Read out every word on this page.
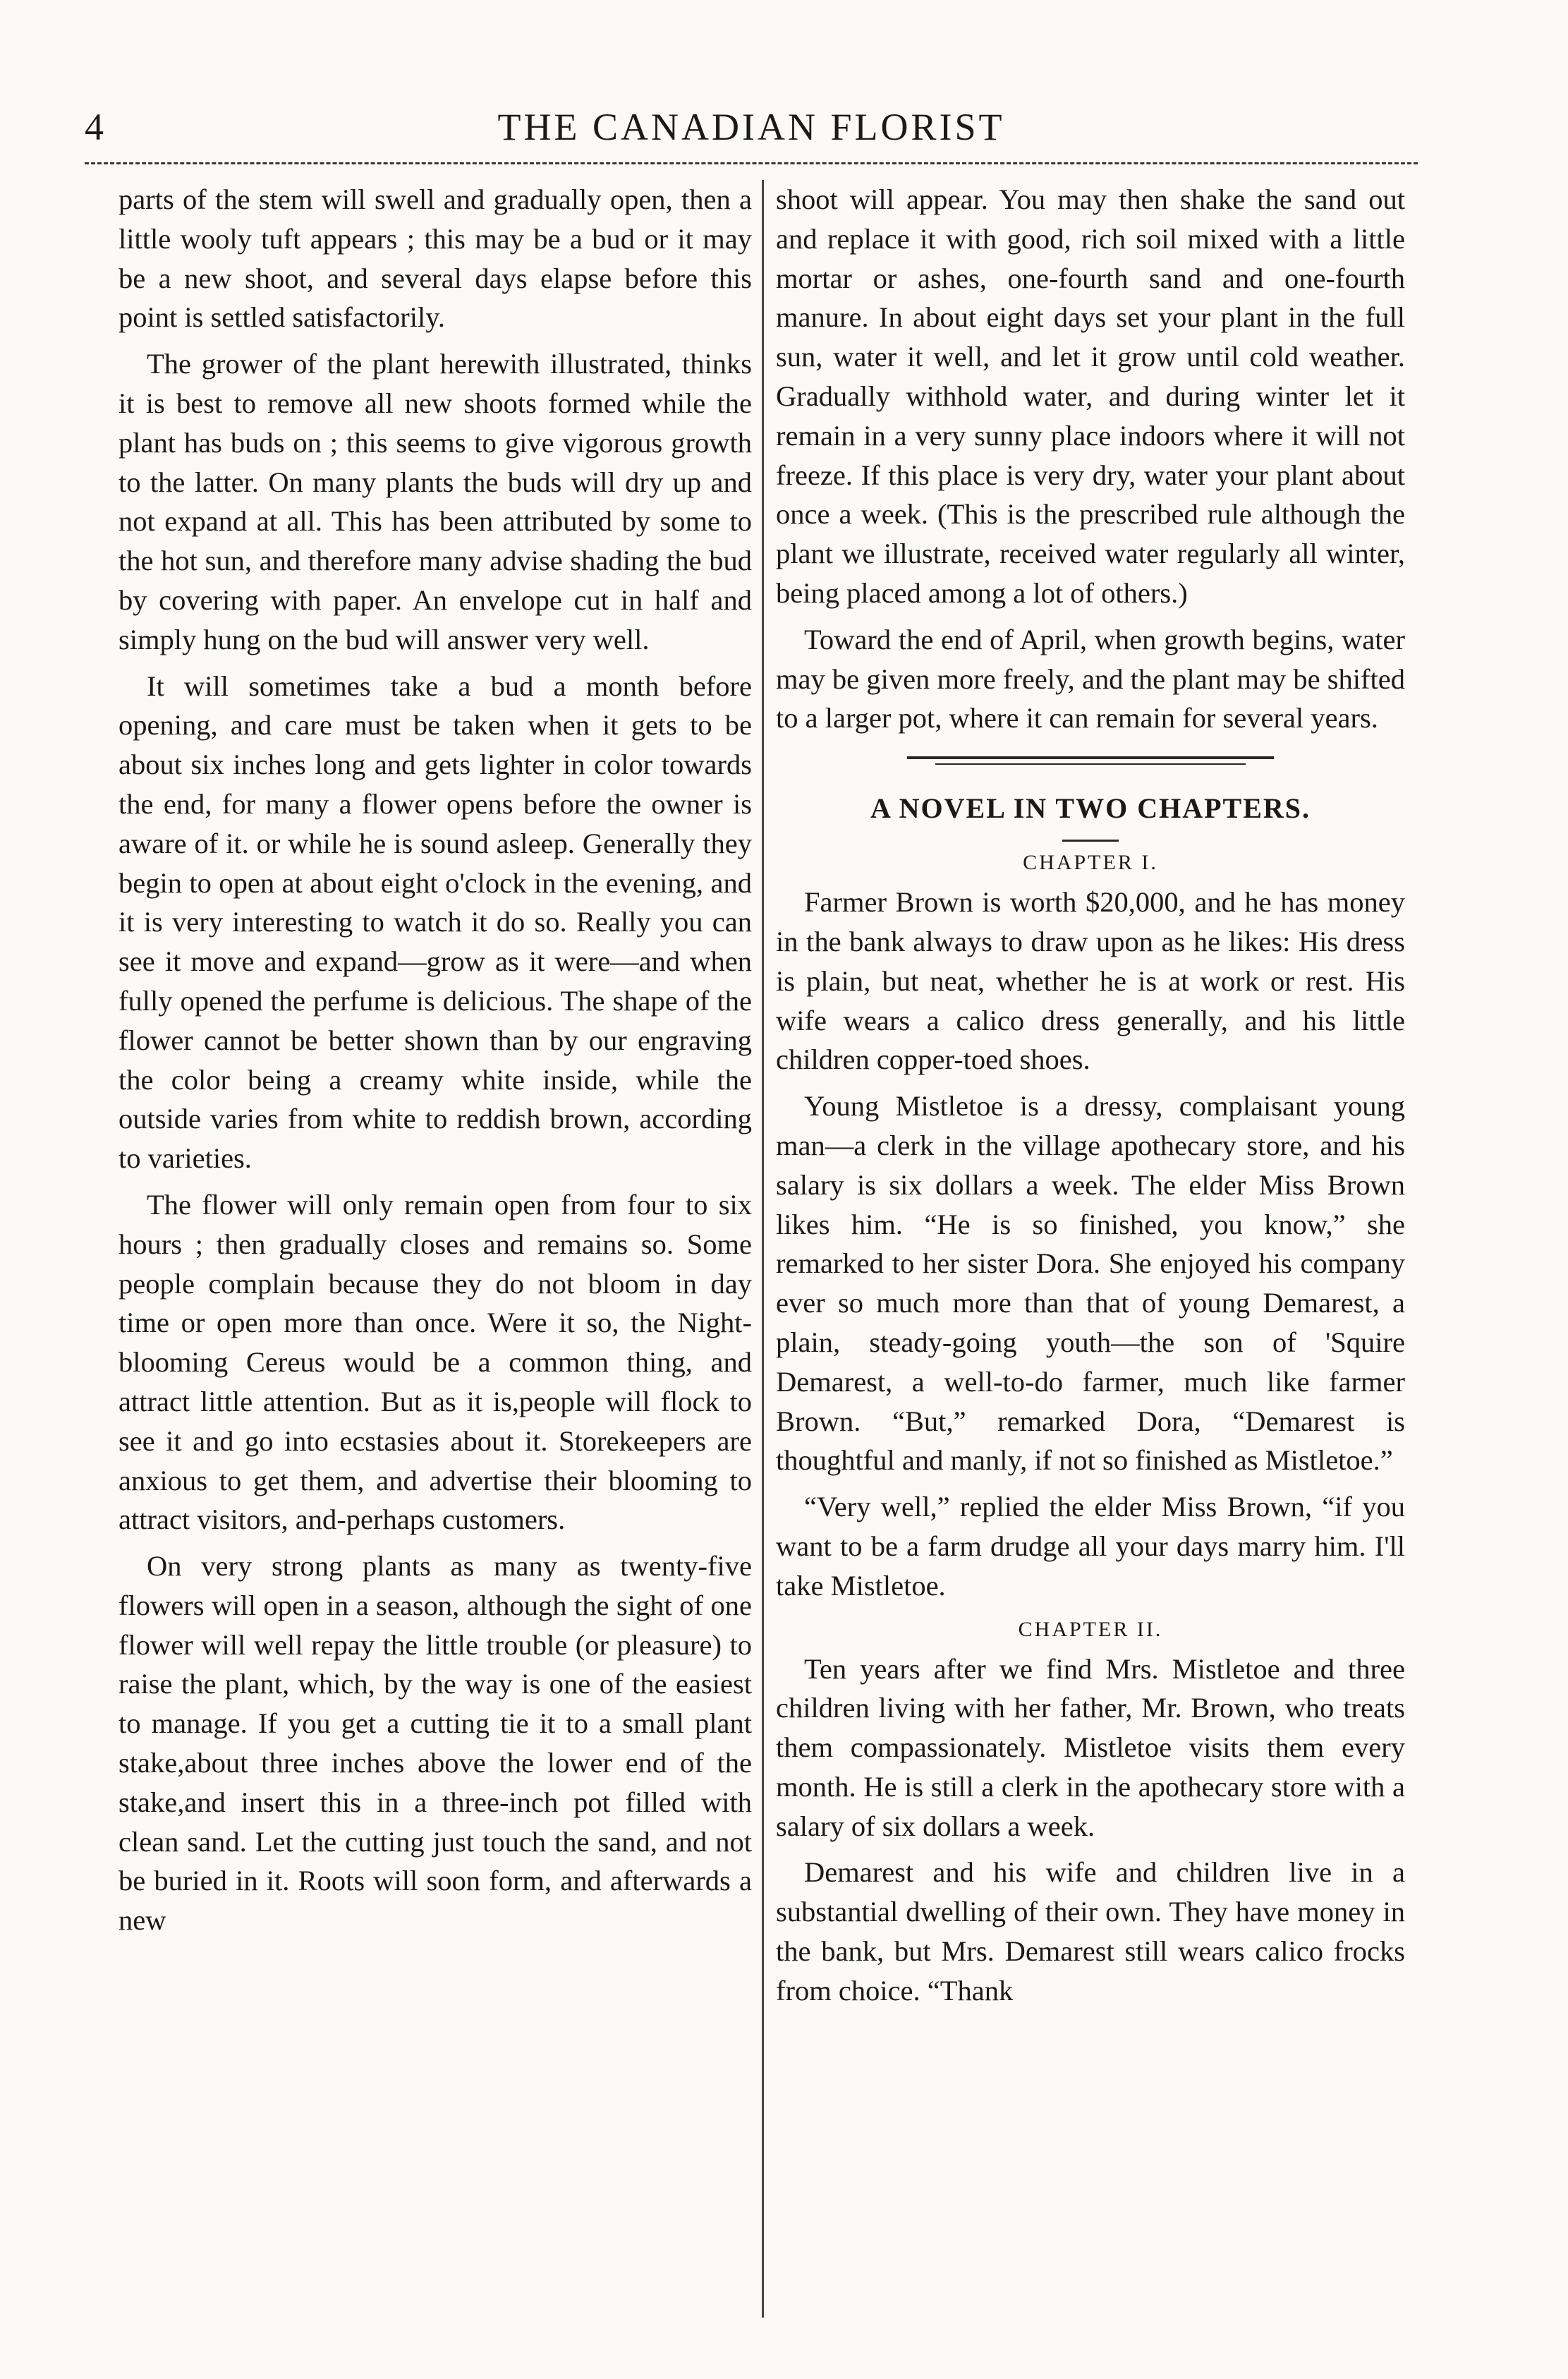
4	THE CANADIAN FLORIST

parts of the stem will swell and gradually open, then a little wooly tuft appears ; this may be a bud or it may be a new shoot, and several days elapse before this point is settled satisfactorily.

The grower of the plant herewith illustrated, thinks it is best to remove all new shoots formed while the plant has buds on ; this seems to give vigorous growth to the latter. On many plants the buds will dry up and not expand at all. This has been attributed by some to the hot sun, and therefore many advise shading the bud by covering with paper. An envelope cut in half and simply hung on the bud will answer very well.

It will sometimes take a bud a month before opening, and care must be taken when it gets to be about six inches long and gets lighter in color towards the end, for many a flower opens before the owner is aware of it. or while he is sound asleep. Generally they begin to open at about eight o'clock in the evening, and it is very interesting to watch it do so. Really you can see it move and expand—grow as it were—and when fully opened the perfume is delicious. The shape of the flower cannot be better shown than by our engraving the color being a creamy white inside, while the outside varies from white to reddish brown, according to varieties.

The flower will only remain open from four to six hours ; then gradually closes and remains so. Some people complain because they do not bloom in day time or open more than once. Were it so, the Night-blooming Cereus would be a common thing, and attract little attention. But as it is,people will flock to see it and go into ecstasies about it. Storekeepers are anxious to get them, and advertise their blooming to attract visitors, and-perhaps customers.

On very strong plants as many as twenty-five flowers will open in a season, although the sight of one flower will well repay the little trouble (or pleasure) to raise the plant, which, by the way is one of the easiest to manage. If you get a cutting tie it to a small plant stake,about three inches above the lower end of the stake,and insert this in a three-inch pot filled with clean sand. Let the cutting just touch the sand, and not be buried in it. Roots will soon form, and afterwards a new

shoot will appear. You may then shake the sand out and replace it with good, rich soil mixed with a little mortar or ashes, one-fourth sand and one-fourth manure. In about eight days set your plant in the full sun, water it well, and let it grow until cold weather. Gradually withhold water, and during winter let it remain in a very sunny place indoors where it will not freeze. If this place is very dry, water your plant about once a week. (This is the prescribed rule although the plant we illustrate, received water regularly all winter, being placed among a lot of others.)

Toward the end of April, when growth begins, water may be given more freely, and the plant may be shifted to a larger pot, where it can remain for several years.

A NOVEL IN TWO CHAPTERS.
CHAPTER I.

Farmer Brown is worth $20,000, and he has money in the bank always to draw upon as he likes: His dress is plain, but neat, whether he is at work or rest. His wife wears a calico dress generally, and his little children copper-toed shoes.

Young Mistletoe is a dressy, complaisant young man—a clerk in the village apothecary store, and his salary is six dollars a week. The elder Miss Brown likes him. “He is so finished, you know,” she remarked to her sister Dora. She enjoyed his company ever so much more than that of young Demarest, a plain, steady-going youth—the son of 'Squire Demarest, a well-to-do farmer, much like farmer Brown. “But,” remarked Dora, “Demarest is thoughtful and manly, if not so finished as Mistletoe.”

“Very well,” replied the elder Miss Brown, “if you want to be a farm drudge all your days marry him. I'll take Mistletoe.

CHAPTER II.

Ten years after we find Mrs. Mistletoe and three children living with her father, Mr. Brown, who treats them compassionately. Mistletoe visits them every month. He is still a clerk in the apothecary store with a salary of six dollars a week.

Demarest and his wife and children live in a substantial dwelling of their own. They have money in the bank, but Mrs. Demarest still wears calico frocks from choice. “Thank
